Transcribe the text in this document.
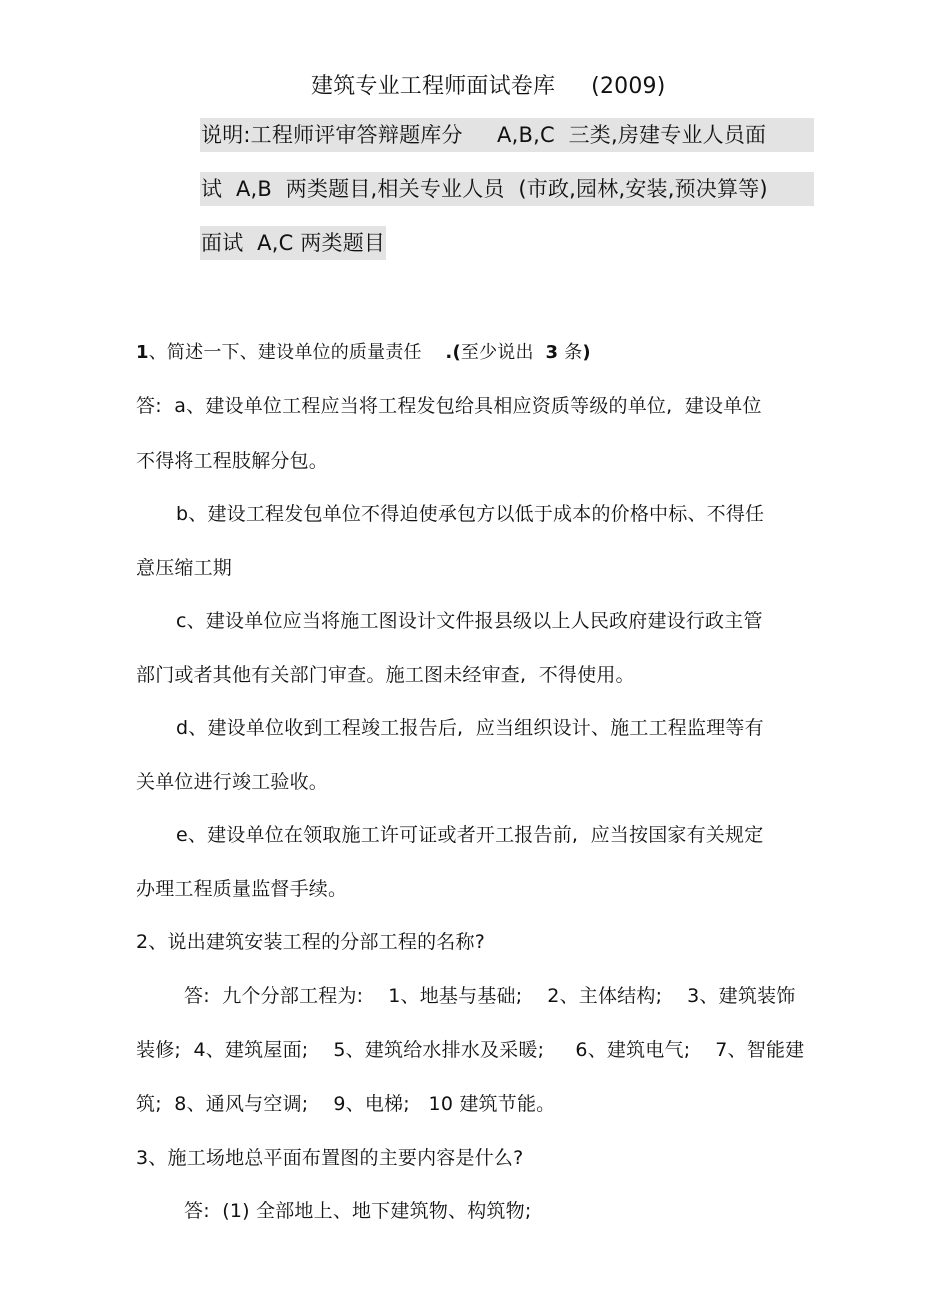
建筑专业工程师面试卷库     (2009)
说明:工程师评审答辩题库分     A,B,C  三类,房建专业人员面
试  A,B  两类题目,相关专业人员  (市政,园林,安装,预决算等)
面试  A,C 两类题目
1、简述一下、建设单位的质量责任    .(至少说出  3 条)
答:  a、建设单位工程应当将工程发包给具相应资质等级的单位,  建设单位
不得将工程肢解分包。
b、建设工程发包单位不得迫使承包方以低于成本的价格中标、不得任
意压缩工期
c、建设单位应当将施工图设计文件报县级以上人民政府建设行政主管
部门或者其他有关部门审查。施工图未经审查,  不得使用。
d、建设单位收到工程竣工报告后,  应当组织设计、施工工程监理等有
关单位进行竣工验收。
e、建设单位在领取施工许可证或者开工报告前,  应当按国家有关规定
办理工程质量监督手续。
2、说出建筑安装工程的分部工程的名称?
答:  九个分部工程为:    1、地基与基础;    2、主体结构;    3、建筑装饰
装修;  4、建筑屋面;    5、建筑给水排水及采暖;     6、建筑电气;    7、智能建
筑;  8、通风与空调;    9、电梯;   10 建筑节能。
3、施工场地总平面布置图的主要内容是什么?
答:  (1) 全部地上、地下建筑物、构筑物;
